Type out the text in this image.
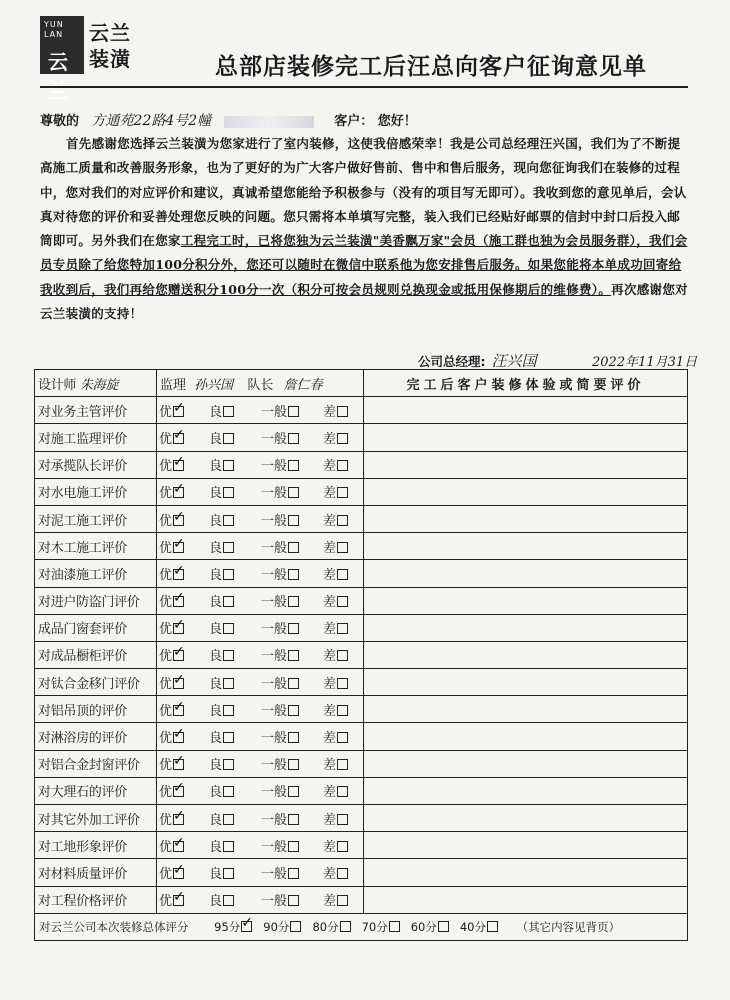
YUN
LAN
云兰
云兰
装潢	总部店装修完工后汪总向客户征询意见单
尊敬的 方通苑22路4号2幢	客户： 您好！

首先感谢您选择云兰装潢为您家进行了室内装修，这使我倍感荣幸！我是公司总经理汪兴国，我们为了不断提高施工质量和改善服务形象，也为了更好的为广大客户做好售前、售中和售后服务，现向您征询我们在装修的过程中，您对我们的对应评价和建议，真诚希望您能给予积极参与（没有的项目写无即可）。我收到您的意见单后，会认真对待您的评价和妥善处理您反映的问题。您只需将本单填写完整，装入我们已经贴好邮票的信封中封口后投入邮筒即可。另外我们在您家工程完工时，已将您独为云兰装潢"美香飘万家"会员（施工群也独为会员服务群），我们会员专员除了给您特加100分积分外，您还可以随时在微信中联系他为您安排售后服务。如果您能将本单成功回寄给我收到后，我们再给您赠送积分100分一次（积分可按会员规则兑换现金或抵用保修期后的维修费）。再次感谢您对云兰装潢的支持！

公司总经理: 汪兴国	2022年11月31日
设计师 朱海旋	监理 孙兴国 队长 詹仁春				完工后客户装修体验或简要评价
对业务主管评价	优✓	良	一般	差	
对施工监理评价	优✓	良	一般	差	
对承揽队长评价	优✓	良	一般	差	
对水电施工评价	优✓	良	一般	差	
对泥工施工评价	优✓	良	一般	差	
对木工施工评价	优✓	良	一般	差	
对油漆施工评价	优✓	良	一般	差	
对进户防盗门评价	优✓	良	一般	差	
成品门窗套评价	优✓	良	一般	差	
对成品橱柜评价	优✓	良	一般	差	
对钛合金移门评价	优✓	良	一般	差	
对铝吊顶的评价	优✓	良	一般	差	
对淋浴房的评价	优✓	良	一般	差	
对铝合金封窗评价	优✓	良	一般	差	
对大理石的评价	优✓	良	一般	差	
对其它外加工评价	优✓	良	一般	差	
对工地形象评价	优✓	良	一般	差	
对材料质量评价	优✓	良	一般	差	
对工程价格评价	优✓	良	一般	差	
对云兰公司本次装修总体评分 95分 ✓ 90分 80分 70分 60分 40分 （其它内容见背页）
